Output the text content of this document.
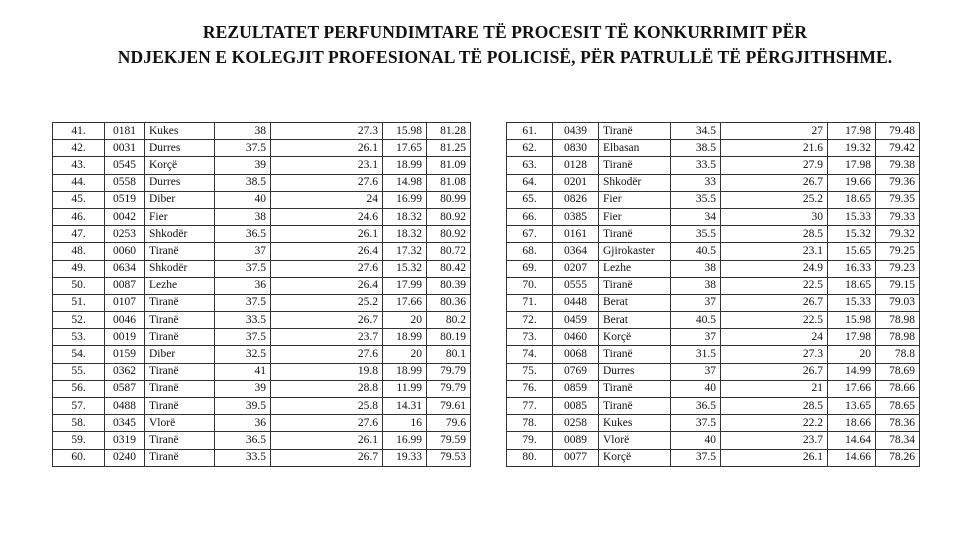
REZULTATET PERFUNDIMTARE TË PROCESIT TË KONKURRIMIT PËR
NDJEKJEN E KOLEGJIT PROFESIONAL TË POLICISË, PËR PATRULLË TË PËRGJITHSHME.
41.	0181	Kukes	38	27.3	15.98	81.28
42.	0031	Durres	37.5	26.1	17.65	81.25
43.	0545	Korçë	39	23.1	18.99	81.09
44.	0558	Durres	38.5	27.6	14.98	81.08
45.	0519	Diber	40	24	16.99	80.99
46.	0042	Fier	38	24.6	18.32	80.92
47.	0253	Shkodër	36.5	26.1	18.32	80.92
48.	0060	Tiranë	37	26.4	17.32	80.72
49.	0634	Shkodër	37.5	27.6	15.32	80.42
50.	0087	Lezhe	36	26.4	17.99	80.39
51.	0107	Tiranë	37.5	25.2	17.66	80.36
52.	0046	Tiranë	33.5	26.7	20	80.2
53.	0019	Tiranë	37.5	23.7	18.99	80.19
54.	0159	Diber	32.5	27.6	20	80.1
55.	0362	Tiranë	41	19.8	18.99	79.79
56.	0587	Tiranë	39	28.8	11.99	79.79
57.	0488	Tiranë	39.5	25.8	14.31	79.61
58.	0345	Vlorë	36	27.6	16	79.6
59.	0319	Tiranë	36.5	26.1	16.99	79.59
60.	0240	Tiranë	33.5	26.7	19.33	79.53
61.	0439	Tiranë	34.5	27	17.98	79.48
62.	0830	Elbasan	38.5	21.6	19.32	79.42
63.	0128	Tiranë	33.5	27.9	17.98	79.38
64.	0201	Shkodër	33	26.7	19.66	79.36
65.	0826	Fier	35.5	25.2	18.65	79.35
66.	0385	Fier	34	30	15.33	79.33
67.	0161	Tiranë	35.5	28.5	15.32	79.32
68.	0364	Gjirokaster	40.5	23.1	15.65	79.25
69.	0207	Lezhe	38	24.9	16.33	79.23
70.	0555	Tiranë	38	22.5	18.65	79.15
71.	0448	Berat	37	26.7	15.33	79.03
72.	0459	Berat	40.5	22.5	15.98	78.98
73.	0460	Korçë	37	24	17.98	78.98
74.	0068	Tiranë	31.5	27.3	20	78.8
75.	0769	Durres	37	26.7	14.99	78.69
76.	0859	Tiranë	40	21	17.66	78.66
77.	0085	Tiranë	36.5	28.5	13.65	78.65
78.	0258	Kukes	37.5	22.2	18.66	78.36
79.	0089	Vlorë	40	23.7	14.64	78.34
80.	0077	Korçë	37.5	26.1	14.66	78.26
